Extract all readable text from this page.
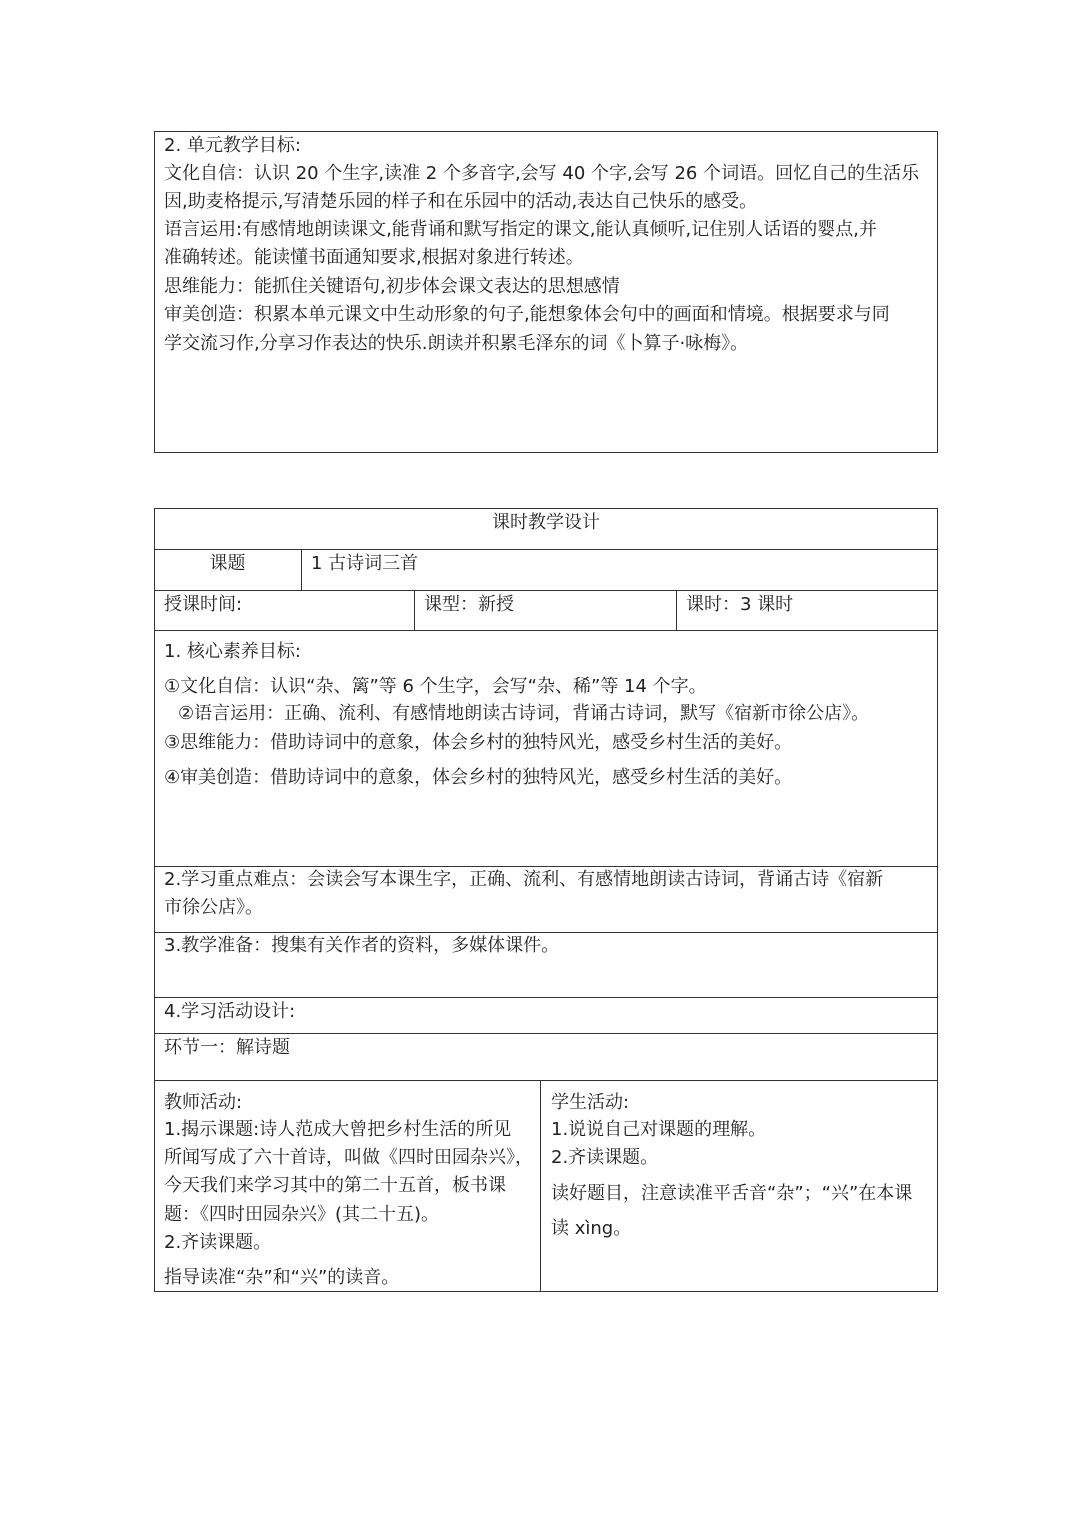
2. 单元教学目标:
文化自信：认识 20 个生字,读准 2 个多音字,会写 40 个字,会写 26 个词语。回忆自己的生活乐
因,助麦格提示,写清楚乐园的样子和在乐园中的活动,表达自己快乐的感受。
语言运用:有感情地朗读课文,能背诵和默写指定的课文,能认真倾听,记住别人话语的婴点,并
准确转述。能读懂书面通知要求,根据对象进行转述。
思维能力：能抓住关键语句,初步体会课文表达的思想感情
审美创造：积累本单元课文中生动形象的句子,能想象体会句中的画面和情境。根据要求与同
学交流习作,分享习作表达的快乐.朗读并积累毛泽东的词《卜算子·咏梅》。
课时教学设计
课题	1 古诗词三首
授课时间:	课型：新授	课时：3 课时
1. 核心素养目标:
①文化自信：认识“杂、篱”等 6 个生字，会写“杂、稀”等 14 个字。
②语言运用：正确、流利、有感情地朗读古诗词，背诵古诗词，默写《宿新市徐公店》。
③思维能力：借助诗词中的意象，体会乡村的独特风光，感受乡村生活的美好。
④审美创造：借助诗词中的意象，体会乡村的独特风光，感受乡村生活的美好。
2.学习重点难点：会读会写本课生字，正确、流利、有感情地朗读古诗词，背诵古诗《宿新
市徐公店》。
3.教学准备：搜集有关作者的资料，多媒体课件。
4.学习活动设计:
环节一：解诗题
教师活动:
1.揭示课题:诗人范成大曾把乡村生活的所见
所闻写成了六十首诗，叫做《四时田园杂兴》，
今天我们来学习其中的第二十五首，板书课
题：《四时田园杂兴》(其二十五)。
2.齐读课题。
指导读准“杂”和“兴”的读音。
学生活动:
1.说说自己对课题的理解。
2.齐读课题。
读好题目，注意读准平舌音“杂”；“兴”在本课
读 xìng。
